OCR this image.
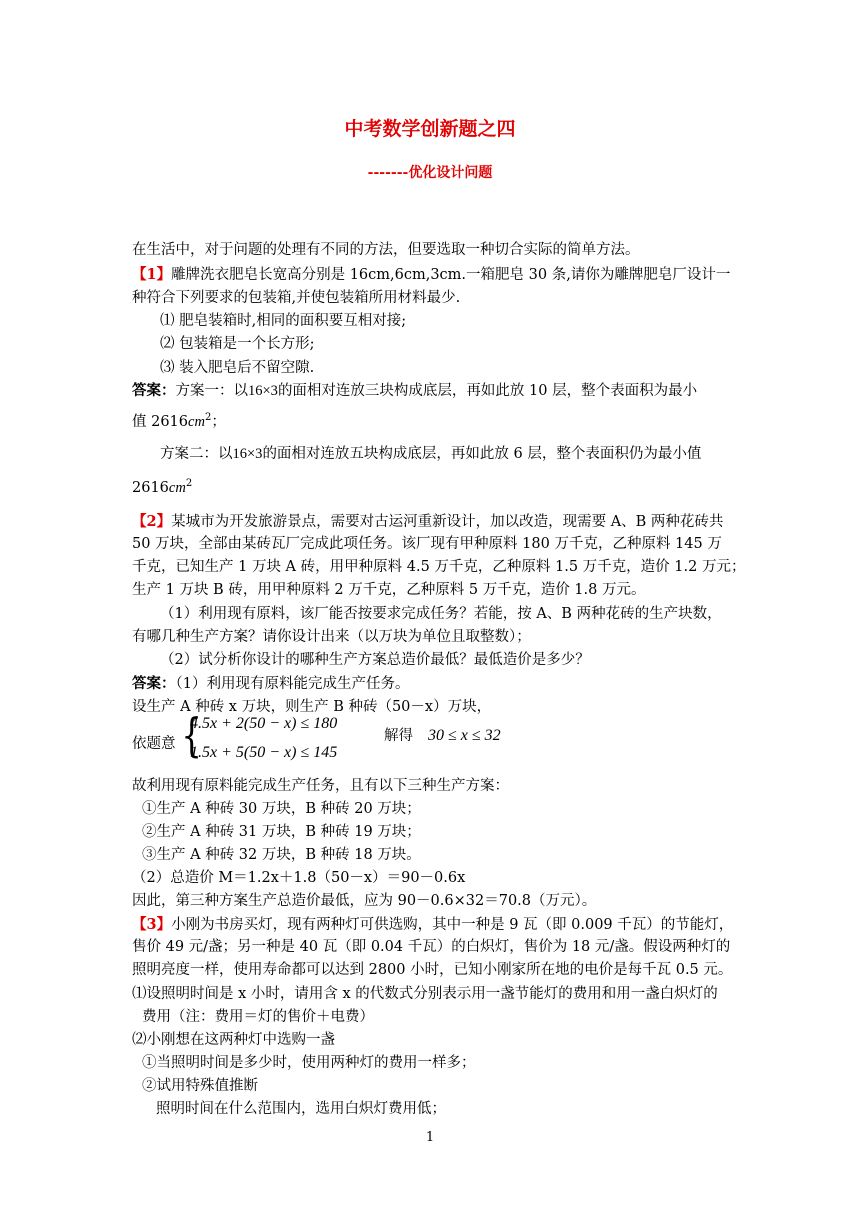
中考数学创新题之四
-------优化设计问题
在生活中，对于问题的处理有不同的方法，但要选取一种切合实际的简单方法。
【1】雕牌洗衣肥皂长宽高分别是 16cm,6cm,3cm.一箱肥皂 30 条,请你为雕牌肥皂厂设计一
种符合下列要求的包装箱,并使包装箱所用材料最少.
⑴ 肥皂装箱时,相同的面积要互相对接;
⑵ 包装箱是一个长方形;
⑶ 装入肥皂后不留空隙.
答案：方案一：以16×3的面相对连放三块构成底层，再如此放 10 层，整个表面积为最小
值 $2616cm^2$；
方案二：以16×3的面相对连放五块构成底层，再如此放 6 层，整个表面积仍为最小值
$2616cm^2$
【2】某城市为开发旅游景点，需要对古运河重新设计，加以改造，现需要 A、B 两种花砖共
50 万块，全部由某砖瓦厂完成此项任务。该厂现有甲种原料 180 万千克，乙种原料 145 万
千克，已知生产 1 万块 A 砖，用甲种原料 4.5 万千克，乙种原料 1.5 万千克，造价 1.2 万元；
生产 1 万块 B 砖，用甲种原料 2 万千克，乙种原料 5 万千克，造价 1.8 万元。
（1）利用现有原料，该厂能否按要求完成任务？若能，按 A、B 两种花砖的生产块数，
有哪几种生产方案？请你设计出来（以万块为单位且取整数）；
（2）试分析你设计的哪种生产方案总造价最低？最低造价是多少？
答案：（1）利用现有原料能完成生产任务。
设生产 A 种砖 x 万块，则生产 B 种砖（50－x）万块，
依题意 {
4.5x + 2(50 − x) ≤ 180
1.5x + 5(50 − x) ≤ 145
解得 30 ≤ x ≤ 32
故利用现有原料能完成生产任务，且有以下三种生产方案：
①生产 A 种砖 30 万块，B 种砖 20 万块；
②生产 A 种砖 31 万块，B 种砖 19 万块；
③生产 A 种砖 32 万块，B 种砖 18 万块。
（2）总造价 M＝1.2x＋1.8（50－x）＝90－0.6x
因此，第三种方案生产总造价最低，应为 90－0.6×32＝70.8（万元）。
【3】小刚为书房买灯，现有两种灯可供选购，其中一种是 9 瓦（即 0.009 千瓦）的节能灯，
售价 49 元/盏；另一种是 40 瓦（即 0.04 千瓦）的白炽灯，售价为 18 元/盏。假设两种灯的
照明亮度一样，使用寿命都可以达到 2800 小时，已知小刚家所在地的电价是每千瓦 0.5 元。
⑴设照明时间是 x 小时，请用含 x 的代数式分别表示用一盏节能灯的费用和用一盏白炽灯的
费用（注：费用＝灯的售价＋电费）
⑵小刚想在这两种灯中选购一盏
①当照明时间是多少时，使用两种灯的费用一样多；
②试用特殊值推断
照明时间在什么范围内，选用白炽灯费用低；
1
